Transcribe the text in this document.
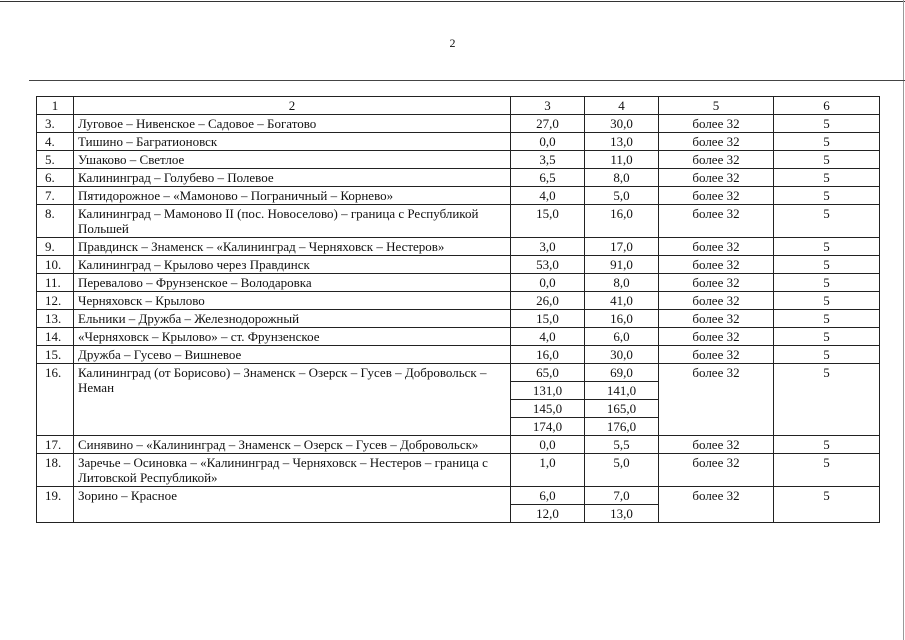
2
1	2	3	4	5	6
3.	Луговое – Нивенское – Садовое – Богатово	27,0	30,0	более 32	5
4.	Тишино – Багратионовск	0,0	13,0	более 32	5
5.	Ушаково – Светлое	3,5	11,0	более 32	5
6.	Калининград – Голубево – Полевое	6,5	8,0	более 32	5
7.	Пятидорожное – «Мамоново – Пограничный – Корнево»	4,0	5,0	более 32	5
8.	Калининград – Мамоново II (пос. Новоселово) – граница с Республикой Польшей	15,0	16,0	более 32	5
9.	Правдинск – Знаменск – «Калининград – Черняховск – Нестеров»	3,0	17,0	более 32	5
10.	Калининград – Крылово через Правдинск	53,0	91,0	более 32	5
11.	Перевалово – Фрунзенское – Володаровка	0,0	8,0	более 32	5
12.	Черняховск – Крылово	26,0	41,0	более 32	5
13.	Ельники – Дружба – Железнодорожный	15,0	16,0	более 32	5
14.	«Черняховск – Крылово» – ст. Фрунзенское	4,0	6,0	более 32	5
15.	Дружба – Гусево – Вишневое	16,0	30,0	более 32	5
16.	Калининград (от Борисово) – Знаменск – Озерск – Гусев – Добровольск – Неман	65,0	69,0	более 32	5
		131,0	141,0		
		145,0	165,0		
		174,0	176,0		
17.	Синявино – «Калининград – Знаменск – Озерск – Гусев – Добровольск»	0,0	5,5	более 32	5
18.	Заречье – Осиновка – «Калининград – Черняховск – Нестеров – граница с Литовской Республикой»	1,0	5,0	более 32	5
19.	Зорино – Красное	6,0	7,0	более 32	5
		12,0	13,0		
